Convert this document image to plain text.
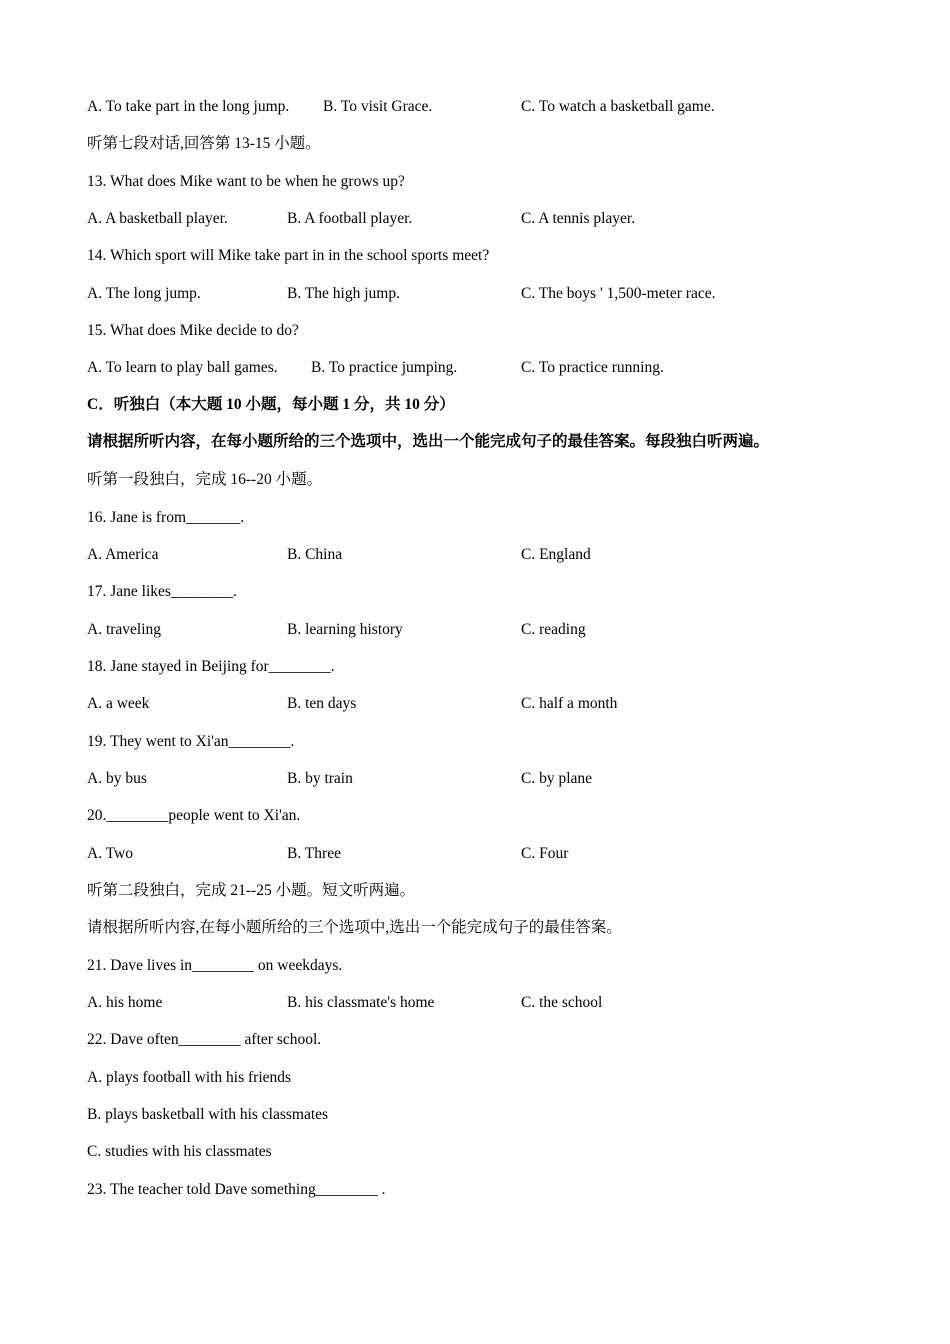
A. To take part in the long jump. B. To visit Grace.	C. To watch a basketball game.
听第七段对话,回答第 13-15 小题。
13. What does Mike want to be when he grows up?
A. A basketball player.	B. A football player.	C. A tennis player.
14. Which sport will Mike take part in in the school sports meet?
A. The long jump.	B. The high jump.	C. The boys ' 1,500-meter race.
15. What does Mike decide to do?
A. To learn to play ball games. B. To practice jumping.	C. To practice running.
C．听独白（本大题 10 小题，每小题 1 分，共 10 分）
请根据所听内容，在每小题所给的三个选项中，选出一个能完成句子的最佳答案。每段独白听两遍。
听第一段独白，完成 16--20 小题。
16. Jane is from_______.
A. America	B. China	C. England
17. Jane likes________.
A. traveling	B. learning history	C. reading
18. Jane stayed in Beijing for________.
A. a week	B. ten days	C. half a month
19. They went to Xi'an________.
A. by bus	B. by train	C. by plane
20.________people went to Xi'an.
A. Two	B. Three	C. Four
听第二段独白，完成 21--25 小题。短文听两遍。
请根据所听内容,在每小题所给的三个选项中,选出一个能完成句子的最佳答案。
21. Dave lives in________ on weekdays.
A. his home	B. his classmate's home	C. the school
22. Dave often________ after school.
A. plays football with his friends
B. plays basketball with his classmates
C. studies with his classmates
23. The teacher told Dave something________ .
